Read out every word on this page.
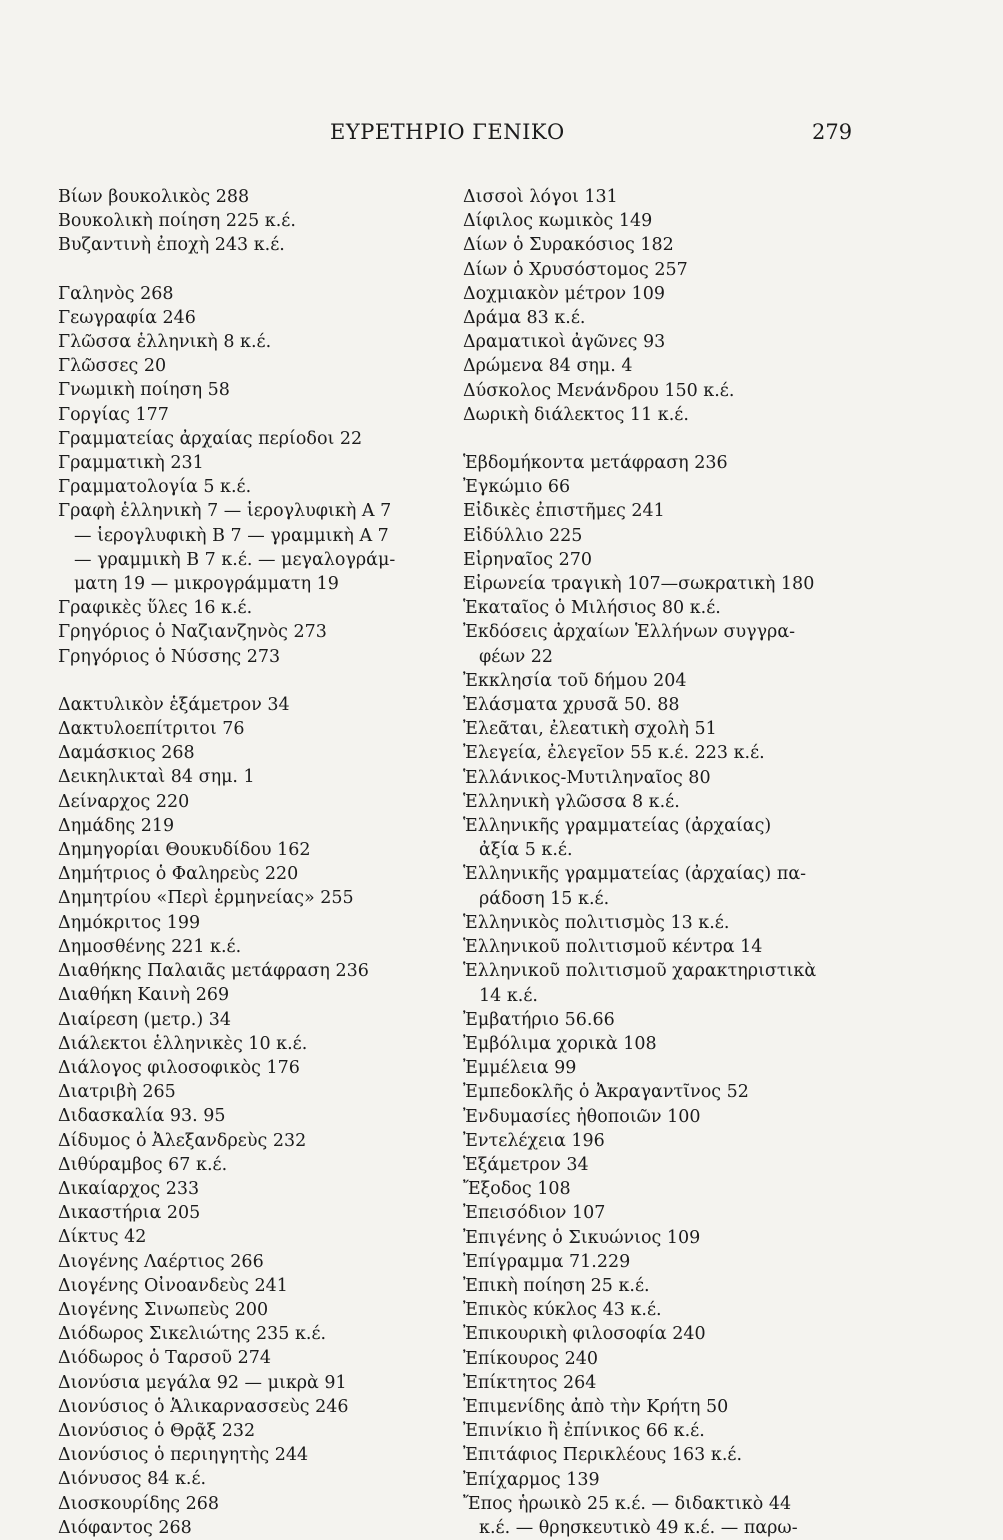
ΕΥΡΕΤΗΡΙΟ ΓΕΝΙΚΟ	279
Βίων βουκολικὸς 288
Βουκολικὴ ποίηση 225 κ.έ.
Βυζαντινὴ ἐποχὴ 243 κ.έ.
Γαληνὸς 268
Γεωγραφία 246
Γλῶσσα ἑλληνικὴ 8 κ.έ.
Γλῶσσες 20
Γνωμικὴ ποίηση 58
Γοργίας 177
Γραμματείας ἀρχαίας περίοδοι 22
Γραμματικὴ 231
Γραμματολογία 5 κ.έ.
Γραφὴ ἑλληνικὴ 7 — ἱερογλυφικὴ Α 7
— ἱερογλυφικὴ Β 7 — γραμμικὴ Α 7
— γραμμικὴ Β 7 κ.έ. — μεγαλογράμ-
ματη 19 — μικρογράμματη 19
Γραφικὲς ὕλες 16 κ.έ.
Γρηγόριος ὁ Ναζιανζηνὸς 273
Γρηγόριος ὁ Νύσσης 273
Δακτυλικὸν ἑξάμετρον 34
Δακτυλοεπίτριτοι 76
Δαμάσκιος 268
Δεικηλικταὶ 84 σημ. 1
Δείναρχος 220
Δημάδης 219
Δημηγορίαι Θουκυδίδου 162
Δημήτριος ὁ Φαληρεὺς 220
Δημητρίου «Περὶ ἑρμηνείας» 255
Δημόκριτος 199
Δημοσθένης 221 κ.έ.
Διαθήκης Παλαιᾶς μετάφραση 236
Διαθήκη Καινὴ 269
Διαίρεση (μετρ.) 34
Διάλεκτοι ἑλληνικὲς 10 κ.έ.
Διάλογος φιλοσοφικὸς 176
Διατριβὴ 265
Διδασκαλία 93. 95
Δίδυμος ὁ Ἀλεξανδρεὺς 232
Διθύραμβος 67 κ.έ.
Δικαίαρχος 233
Δικαστήρια 205
Δίκτυς 42
Διογένης Λαέρτιος 266
Διογένης Οἰνοανδεὺς 241
Διογένης Σινωπεὺς 200
Διόδωρος Σικελιώτης 235 κ.έ.
Διόδωρος ὁ Ταρσοῦ 274
Διονύσια μεγάλα 92 — μικρὰ 91
Διονύσιος ὁ Ἁλικαρνασσεὺς 246
Διονύσιος ὁ Θρᾷξ 232
Διονύσιος ὁ περιηγητὴς 244
Διόνυσος 84 κ.έ.
Διοσκουρίδης 268
Διόφαντος 268
Δισσοὶ λόγοι 131
Δίφιλος κωμικὸς 149
Δίων ὁ Συρακόσιος 182
Δίων ὁ Χρυσόστομος 257
Δοχμιακὸν μέτρον 109
Δράμα 83 κ.έ.
Δραματικοὶ ἀγῶνες 93
Δρώμενα 84 σημ. 4
Δύσκολος Μενάνδρου 150 κ.έ.
Δωρικὴ διάλεκτος 11 κ.έ.
Ἑβδομήκοντα μετάφραση 236
Ἐγκώμιο 66
Εἰδικὲς ἐπιστῆμες 241
Εἰδύλλιο 225
Εἰρηναῖος 270
Εἰρωνεία τραγικὴ 107—σωκρατικὴ 180
Ἑκαταῖος ὁ Μιλήσιος 80 κ.έ.
Ἐκδόσεις ἀρχαίων Ἑλλήνων συγγρα-
φέων 22
Ἐκκλησία τοῦ δήμου 204
Ἐλάσματα χρυσᾶ 50. 88
Ἐλεᾶται, ἐλεατικὴ σχολὴ 51
Ἐλεγεία, ἐλεγεῖον 55 κ.έ. 223 κ.έ.
Ἑλλάνικος-Μυτιληναῖος 80
Ἑλληνικὴ γλῶσσα 8 κ.έ.
Ἑλληνικῆς γραμματείας (ἀρχαίας)
ἀξία 5 κ.έ.
Ἑλληνικῆς γραμματείας (ἀρχαίας) πα-
ράδοση 15 κ.έ.
Ἑλληνικὸς πολιτισμὸς 13 κ.έ.
Ἑλληνικοῦ πολιτισμοῦ κέντρα 14
Ἑλληνικοῦ πολιτισμοῦ χαρακτηριστικὰ
14 κ.έ.
Ἐμβατήριο 56.66
Ἐμβόλιμα χορικὰ 108
Ἐμμέλεια 99
Ἐμπεδοκλῆς ὁ Ἀκραγαντῖνος 52
Ἐνδυμασίες ἠθοποιῶν 100
Ἐντελέχεια 196
Ἑξάμετρον 34
Ἔξοδος 108
Ἐπεισόδιον 107
Ἐπιγένης ὁ Σικυώνιος 109
Ἐπίγραμμα 71.229
Ἐπικὴ ποίηση 25 κ.έ.
Ἐπικὸς κύκλος 43 κ.έ.
Ἐπικουρικὴ φιλοσοφία 240
Ἐπίκουρος 240
Ἐπίκτητος 264
Ἐπιμενίδης ἀπὸ τὴν Κρήτη 50
Ἐπινίκιο ἢ ἐπίνικος 66 κ.έ.
Ἐπιτάφιος Περικλέους 163 κ.έ.
Ἐπίχαρμος 139
Ἔπος ἡρωικὸ 25 κ.έ. — διδακτικὸ 44
κ.έ. — θρησκευτικὸ 49 κ.έ. — παρω-
